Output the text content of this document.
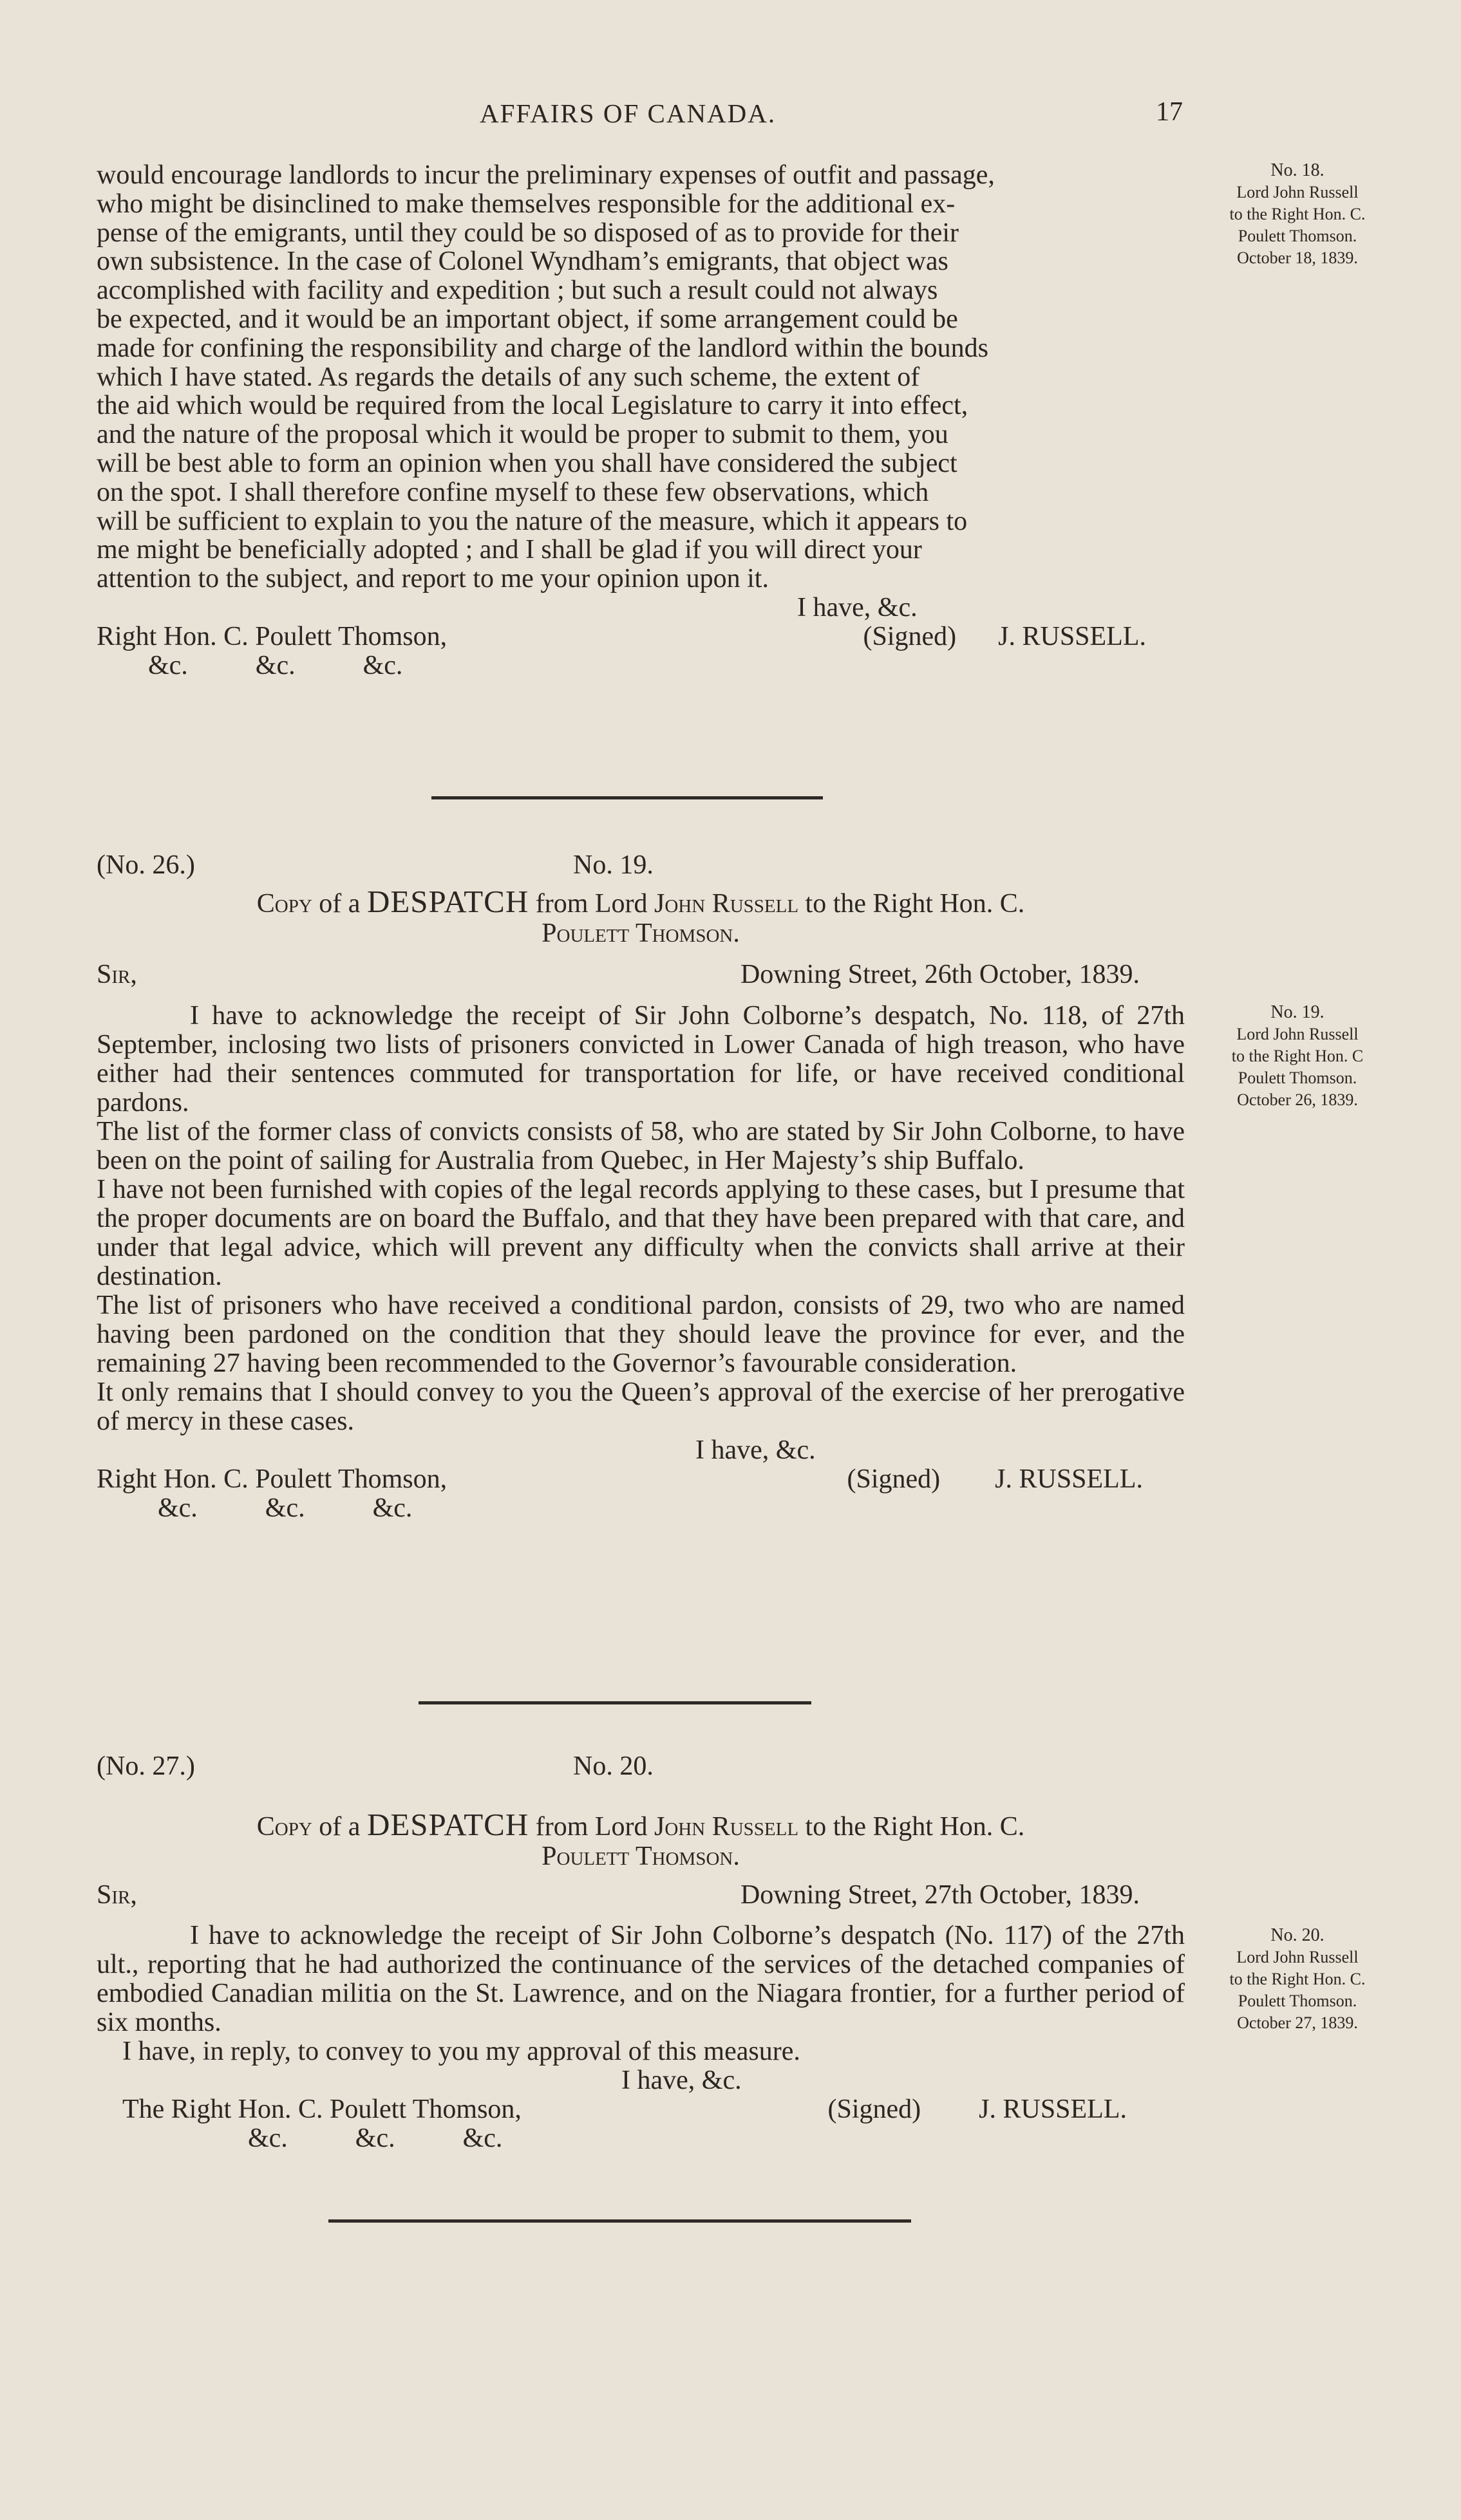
AFFAIRS OF CANADA.	17
No. 18.
Lord John Russell
to the Right Hon. C.
Poulett Thomson.
October 18, 1839.

would encourage landlords to incur the preliminary expenses of outfit and passage,

who might be disinclined to make themselves responsible for the additional ex-

pense of the emigrants, until they could be so disposed of as to provide for their

own subsistence. In the case of Colonel Wyndham’s emigrants, that object was

accomplished with facility and expedition ; but such a result could not always

be expected, and it would be an important object, if some arrangement could be

made for confining the responsibility and charge of the landlord within the bounds

which I have stated. As regards the details of any such scheme, the extent of

the aid which would be required from the local Legislature to carry it into effect,

and the nature of the proposal which it would be proper to submit to them, you

will be best able to form an opinion when you shall have considered the subject

on the spot. I shall therefore confine myself to these few observations, which

will be sufficient to explain to you the nature of the measure, which it appears to

me might be beneficially adopted ; and I shall be glad if you will direct your

attention to the subject, and report to me your opinion upon it.

I have, &c.

Right Hon. C. Poulett Thomson,	(Signed) J. RUSSELL.

&c.          &c.          &c.

(No. 26.)	No. 19.
Copy of a DESPATCH from Lord John Russell to the Right Hon. C.
Poulett Thomson.
Sir,	Downing Street, 26th October, 1839.
No. 19.
Lord John Russell
to the Right Hon. C
Poulett Thomson.
October 26, 1839.

I have to acknowledge the receipt of Sir John Colborne’s despatch, No. 118, of 27th September, inclosing two lists of prisoners convicted in Lower Canada of high treason, who have either had their sentences commuted for transportation for life, or have received conditional pardons.

The list of the former class of convicts consists of 58, who are stated by Sir John Colborne, to have been on the point of sailing for Australia from Quebec, in Her Majesty’s ship Buffalo.

I have not been furnished with copies of the legal records applying to these cases, but I presume that the proper documents are on board the Buffalo, and that they have been prepared with that care, and under that legal advice, which will prevent any difficulty when the convicts shall arrive at their destination.

The list of prisoners who have received a conditional pardon, consists of 29, two who are named having been pardoned on the condition that they should leave the province for ever, and the remaining 27 having been recommended to the Governor’s favourable consideration.

It only remains that I should convey to you the Queen’s approval of the exercise of her prerogative of mercy in these cases.

I have, &c.

Right Hon. C. Poulett Thomson,	(Signed) J. RUSSELL.

&c.          &c.          &c.

(No. 27.)	No. 20.
Copy of a DESPATCH from Lord John Russell to the Right Hon. C.
Poulett Thomson.
Sir,	Downing Street, 27th October, 1839.
No. 20.
Lord John Russell
to the Right Hon. C.
Poulett Thomson.
October 27, 1839.

I have to acknowledge the receipt of Sir John Colborne’s despatch (No. 117) of the 27th ult., reporting that he had authorized the continuance of the services of the detached companies of embodied Canadian militia on the St. Lawrence, and on the Niagara frontier, for a further period of six months.

I have, in reply, to convey to you my approval of this measure.

I have, &c.

The Right Hon. C. Poulett Thomson,	(Signed) J. RUSSELL.

&c.          &c.          &c.
